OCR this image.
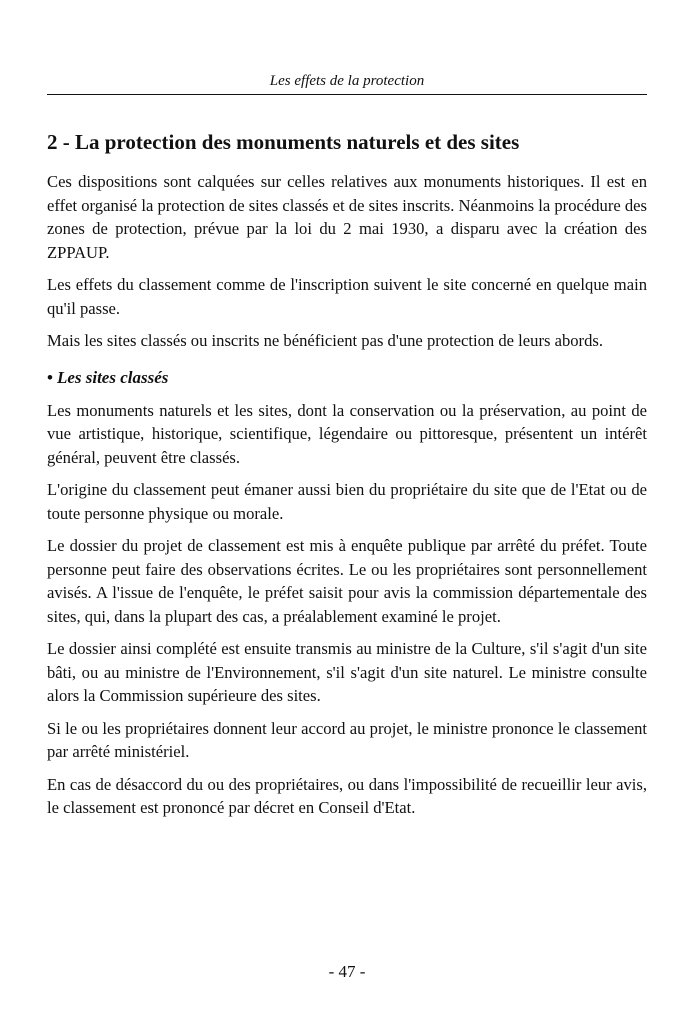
Les effets de la protection
2 - La protection des monuments naturels et des sites

Ces dispositions sont calquées sur celles relatives aux monuments historiques. Il est en effet organisé la protection de sites classés et de sites inscrits. Néanmoins la procédure des zones de protection, prévue par la loi du 2 mai 1930, a disparu avec la création des ZPPAUP.

Les effets du classement comme de l'inscription suivent le site concerné en quelque main qu'il passe.

Mais les sites classés ou inscrits ne bénéficient pas d'une protection de leurs abords.

• Les sites classés

Les monuments naturels et les sites, dont la conservation ou la préservation, au point de vue artistique, historique, scientifique, légendaire ou pittoresque, présentent un intérêt général, peuvent être classés.

L'origine du classement peut émaner aussi bien du propriétaire du site que de l'Etat ou de toute personne physique ou morale.

Le dossier du projet de classement est mis à enquête publique par arrêté du préfet. Toute personne peut faire des observations écrites. Le ou les propriétaires sont personnellement avisés. A l'issue de l'enquête, le préfet saisit pour avis la commission départementale des sites, qui, dans la plupart des cas, a préalablement examiné le projet.

Le dossier ainsi complété est ensuite transmis au ministre de la Culture, s'il s'agit d'un site bâti, ou au ministre de l'Environnement, s'il s'agit d'un site naturel. Le ministre consulte alors la Commission supérieure des sites.

Si le ou les propriétaires donnent leur accord au projet, le ministre prononce le classement par arrêté ministériel.

En cas de désaccord du ou des propriétaires, ou dans l'impossibilité de recueillir leur avis, le classement est prononcé par décret en Conseil d'Etat.

- 47 -
